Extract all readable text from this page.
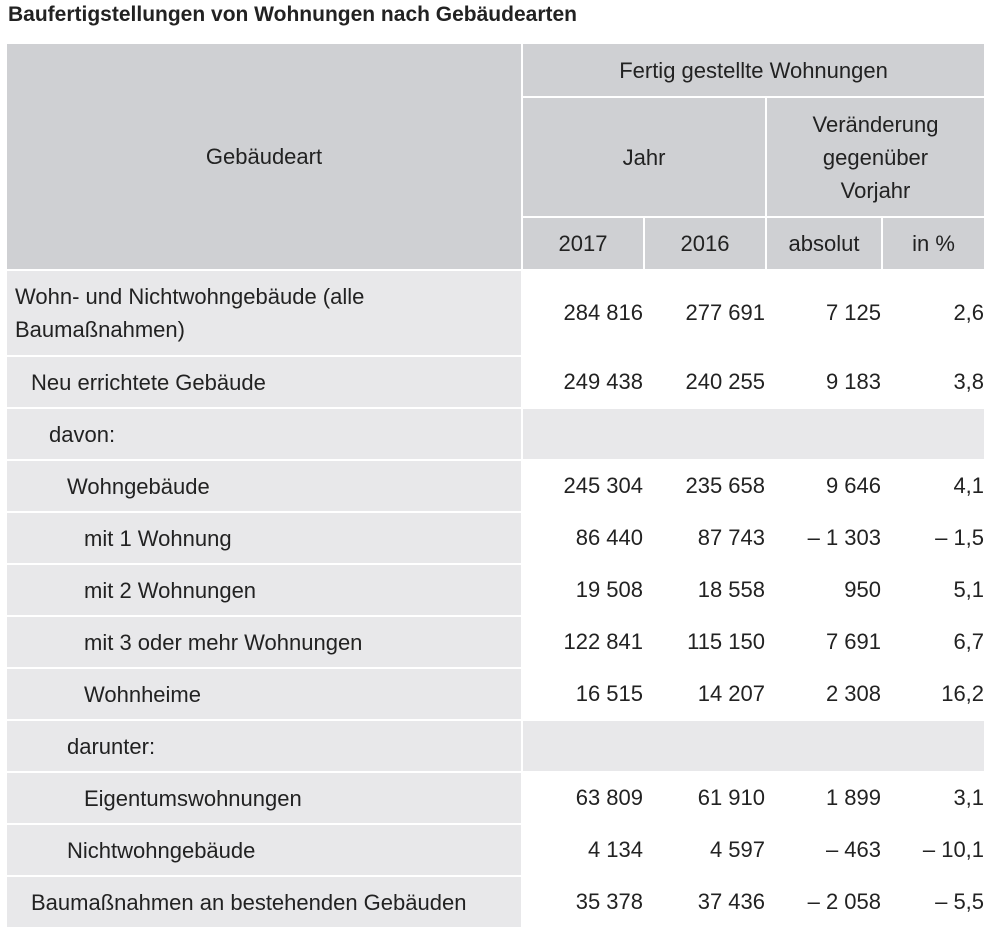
Baufertigstellungen von Wohnungen nach Gebäudearten
Gebäudeart	Fertig gestellte Wohnungen			
	Jahr		Veränderung gegenüber Vorjahr	
	2017	2016	absolut	in %
Wohn- und Nichtwohngebäude (alle Baumaßnahmen)	284 816	277 691	7 125	2,6
Neu errichtete Gebäude	249 438	240 255	9 183	3,8
davon:				
Wohngebäude	245 304	235 658	9 646	4,1
mit 1 Wohnung	86 440	87 743	– 1 303	– 1,5
mit 2 Wohnungen	19 508	18 558	950	5,1
mit 3 oder mehr Wohnungen	122 841	115 150	7 691	6,7
Wohnheime	16 515	14 207	2 308	16,2
darunter:				
Eigentumswohnungen	63 809	61 910	1 899	3,1
Nichtwohngebäude	4 134	4 597	– 463	– 10,1
Baumaßnahmen an bestehenden Gebäuden	35 378	37 436	– 2 058	– 5,5
